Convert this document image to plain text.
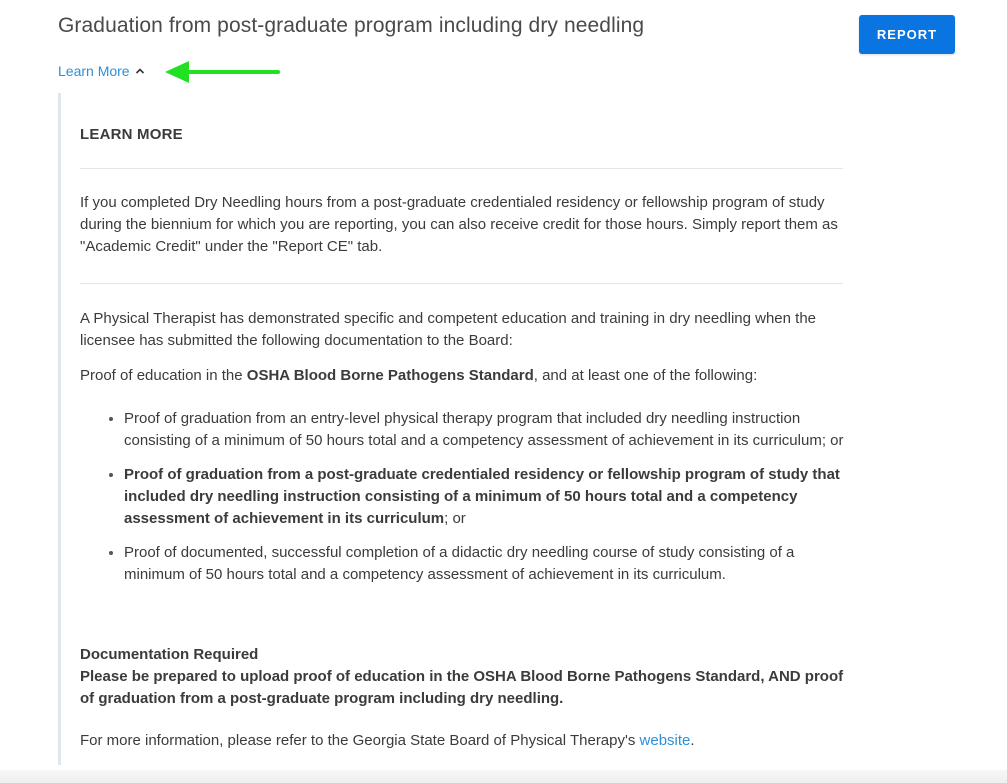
Graduation from post-graduate program including dry needling	REPORT
Learn More
LEARN MORE

If you completed Dry Needling hours from a post-graduate credentialed residency or fellowship program of study during the biennium for which you are reporting, you can also receive credit for those hours. Simply report them as "Academic Credit" under the "Report CE" tab.

A Physical Therapist has demonstrated specific and competent education and training in dry needling when the licensee has submitted the following documentation to the Board:

Proof of education in the OSHA Blood Borne Pathogens Standard, and at least one of the following:

• Proof of graduation from an entry-level physical therapy program that included dry needling instruction consisting of a minimum of 50 hours total and a competency assessment of achievement in its curriculum; or
• Proof of graduation from a post-graduate credentialed residency or fellowship program of study that included dry needling instruction consisting of a minimum of 50 hours total and a competency assessment of achievement in its curriculum; or
• Proof of documented, successful completion of a didactic dry needling course of study consisting of a minimum of 50 hours total and a competency assessment of achievement in its curriculum.
Documentation Required
Please be prepared to upload proof of education in the OSHA Blood Borne Pathogens Standard, AND proof of graduation from a post-graduate program including dry needling.

For more information, please refer to the Georgia State Board of Physical Therapy's website.
